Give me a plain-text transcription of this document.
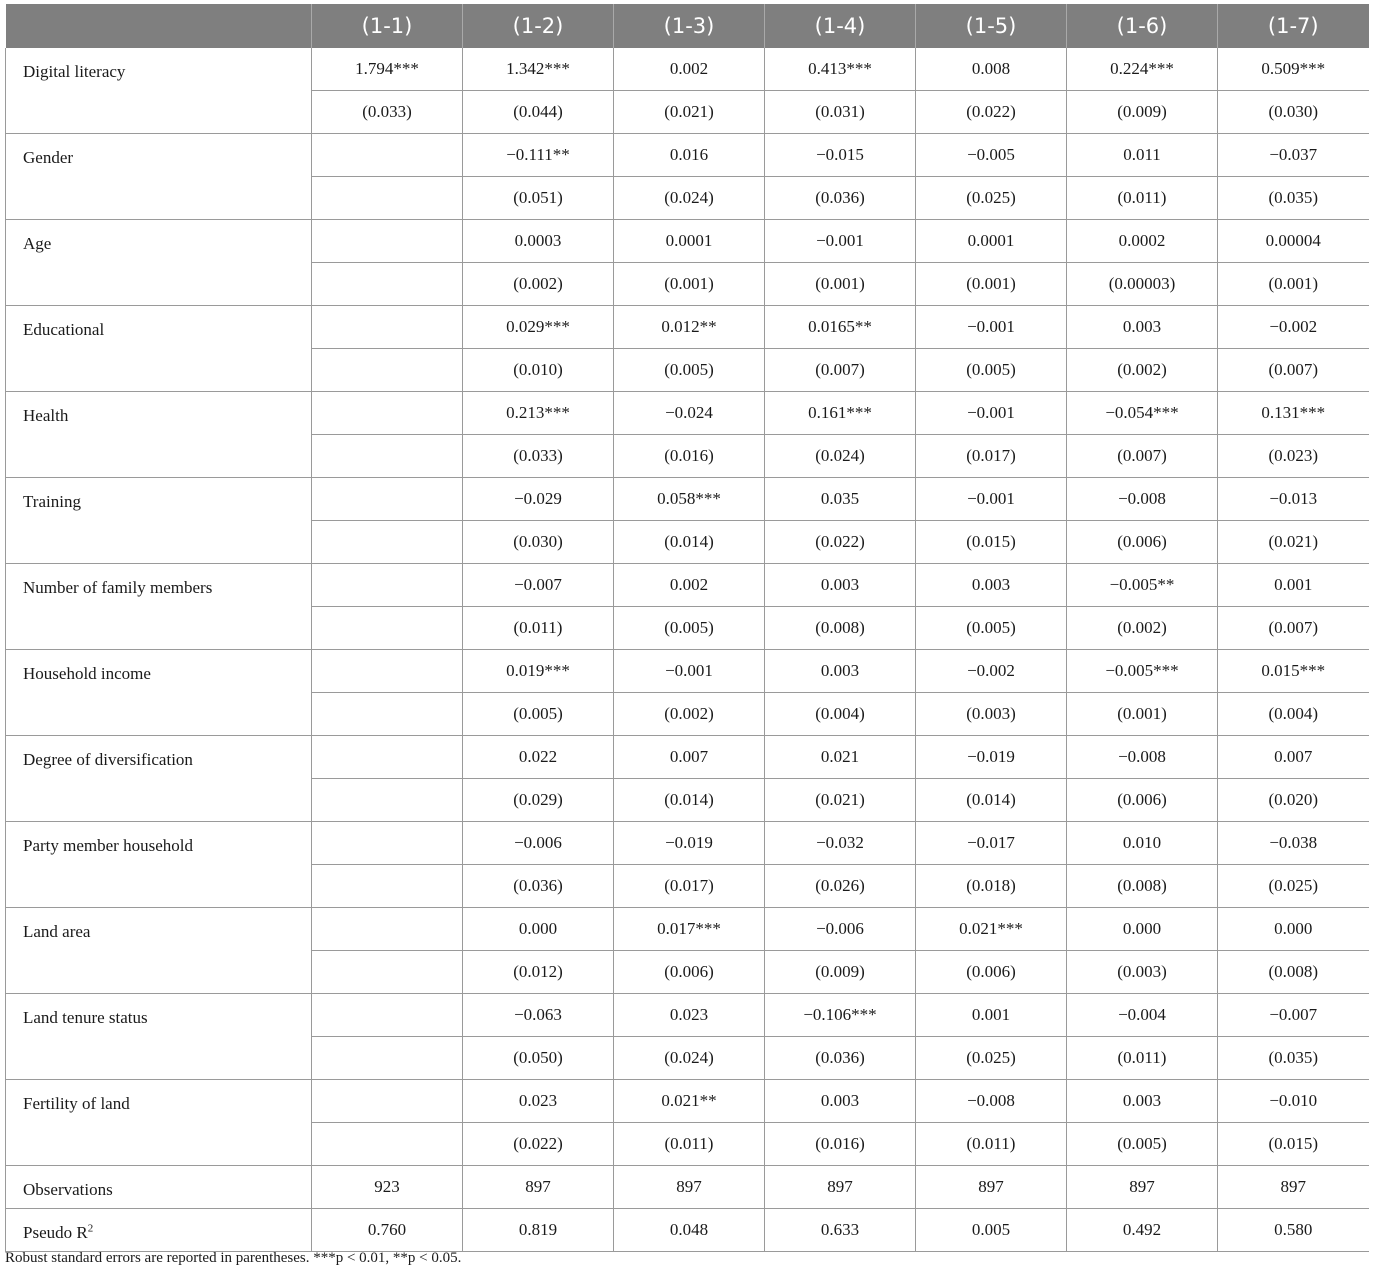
	(1-1)	(1-2)	(1-3)	(1-4)	(1-5)	(1-6)	(1-7)
Digital literacy	1.794***	1.342***	0.002	0.413***	0.008	0.224***	0.509***
	(0.033)	(0.044)	(0.021)	(0.031)	(0.022)	(0.009)	(0.030)
Gender		−0.111**	0.016	−0.015	−0.005	0.011	−0.037
		(0.051)	(0.024)	(0.036)	(0.025)	(0.011)	(0.035)
Age		0.0003	0.0001	−0.001	0.0001	0.0002	0.00004
		(0.002)	(0.001)	(0.001)	(0.001)	(0.00003)	(0.001)
Educational		0.029***	0.012**	0.0165**	−0.001	0.003	−0.002
		(0.010)	(0.005)	(0.007)	(0.005)	(0.002)	(0.007)
Health		0.213***	−0.024	0.161***	−0.001	−0.054***	0.131***
		(0.033)	(0.016)	(0.024)	(0.017)	(0.007)	(0.023)
Training		−0.029	0.058***	0.035	−0.001	−0.008	−0.013
		(0.030)	(0.014)	(0.022)	(0.015)	(0.006)	(0.021)
Number of family members		−0.007	0.002	0.003	0.003	−0.005**	0.001
		(0.011)	(0.005)	(0.008)	(0.005)	(0.002)	(0.007)
Household income		0.019***	−0.001	0.003	−0.002	−0.005***	0.015***
		(0.005)	(0.002)	(0.004)	(0.003)	(0.001)	(0.004)
Degree of diversification		0.022	0.007	0.021	−0.019	−0.008	0.007
		(0.029)	(0.014)	(0.021)	(0.014)	(0.006)	(0.020)
Party member household		−0.006	−0.019	−0.032	−0.017	0.010	−0.038
		(0.036)	(0.017)	(0.026)	(0.018)	(0.008)	(0.025)
Land area		0.000	0.017***	−0.006	0.021***	0.000	0.000
		(0.012)	(0.006)	(0.009)	(0.006)	(0.003)	(0.008)
Land tenure status		−0.063	0.023	−0.106***	0.001	−0.004	−0.007
		(0.050)	(0.024)	(0.036)	(0.025)	(0.011)	(0.035)
Fertility of land		0.023	0.021**	0.003	−0.008	0.003	−0.010
		(0.022)	(0.011)	(0.016)	(0.011)	(0.005)	(0.015)
Observations	923	897	897	897	897	897	897
Pseudo $R^2$	0.760	0.819	0.048	0.633	0.005	0.492	0.580
Robust standard errors are reported in parentheses. ***p < 0.01, **p < 0.05.
